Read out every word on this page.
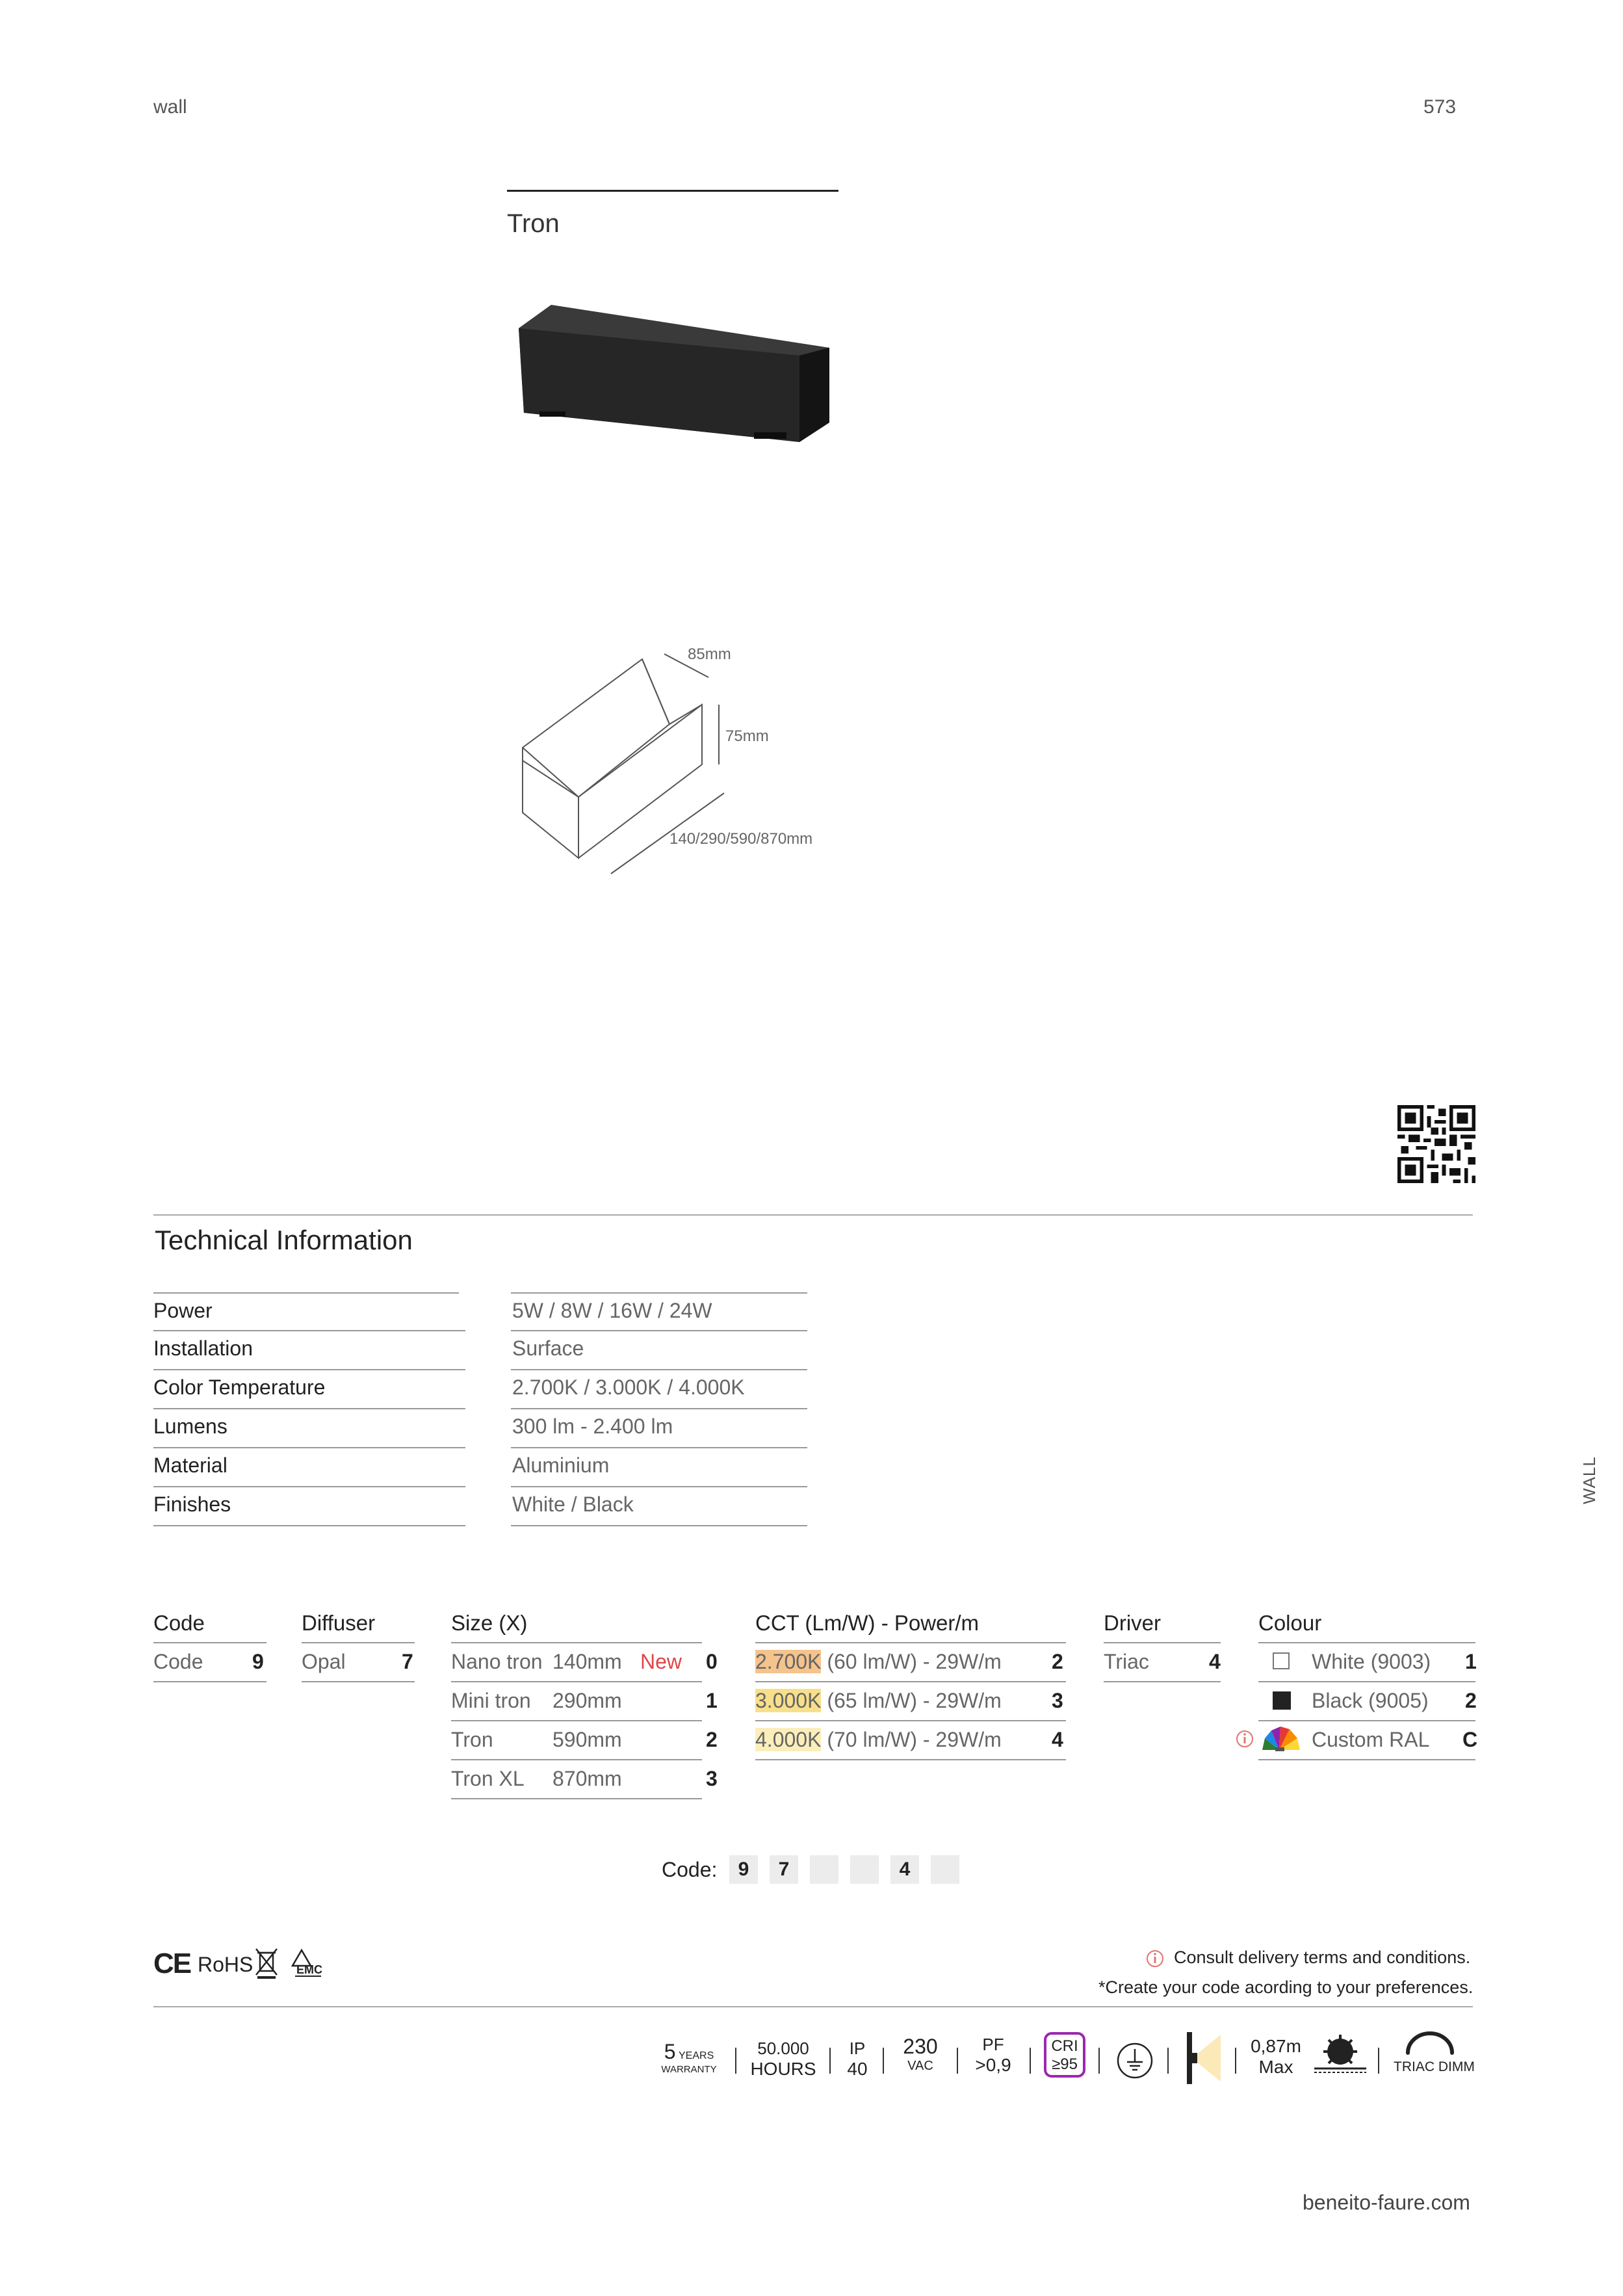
wall	573
Tron
85mm
75mm
140/290/590/870mm
Technical Information
Power	5W / 8W / 16W / 24W
Installation	Surface
Color Temperature	2.700K / 3.000K / 4.000K
Lumens	300 lm - 2.400 lm
Material	Aluminium
Finishes	White / Black	WALL
Code
Code 9
Diffuser
Opal	7
Size (X)
Nano tron 140mm New 0
Mini tron 290mm	1
Tron	590mm	2
Tron XL 870mm	3
CCT (Lm/W) - Power/m
2.700K (60 lm/W) - 29W/m 2
3.000K (65 lm/W) - 29W/m 3
4.000K (70 lm/W) - 29W/m 4
Driver
Triac	4
Colour
White (9003) 1
Black (9005) 2
Custom RAL C
Code:	9	7	4
CE RoHS	EMC
Consult delivery terms and conditions.
*Create your code acording to your preferences.
5 YEARS
WARRANTY
50.000
HOURS
IP
40
230
VAC
PF
>0,9
CRI
≥95
0,87m
Max	TRIAC DIMM
beneito-faure.com
